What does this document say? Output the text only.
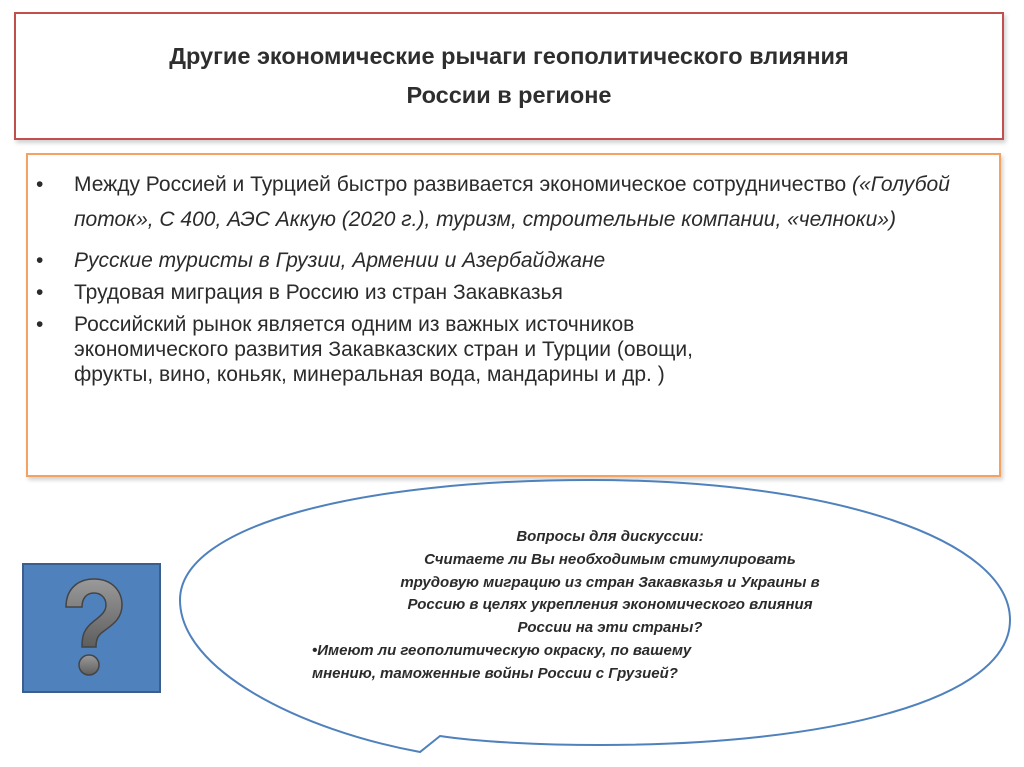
Другие экономические рычаги геополитического влияния
России в регионе
• Между Россией и Турцией быстро развивается экономическое сотрудничество («Голубой поток», С 400, АЭС Аккую (2020 г.), туризм, строительные компании, «челноки»)
• Русские туристы в Грузии, Армении и Азербайджане
• Трудовая миграция в Россию из стран Закавказья
• Российский рынок является одним из важных источников
экономического развития Закавказских стран и Турции (овощи,
фрукты, вино, коньяк, минеральная вода, мандарины и др. )
Вопросы для дискуссии:
Считаете ли Вы необходимым стимулировать
трудовую миграцию из стран Закавказья и Украины в
Россию в целях укрепления экономического влияния
России на эти страны?
•Имеют ли геополитическую окраску, по вашему
мнению, таможенные войны России с Грузией?
